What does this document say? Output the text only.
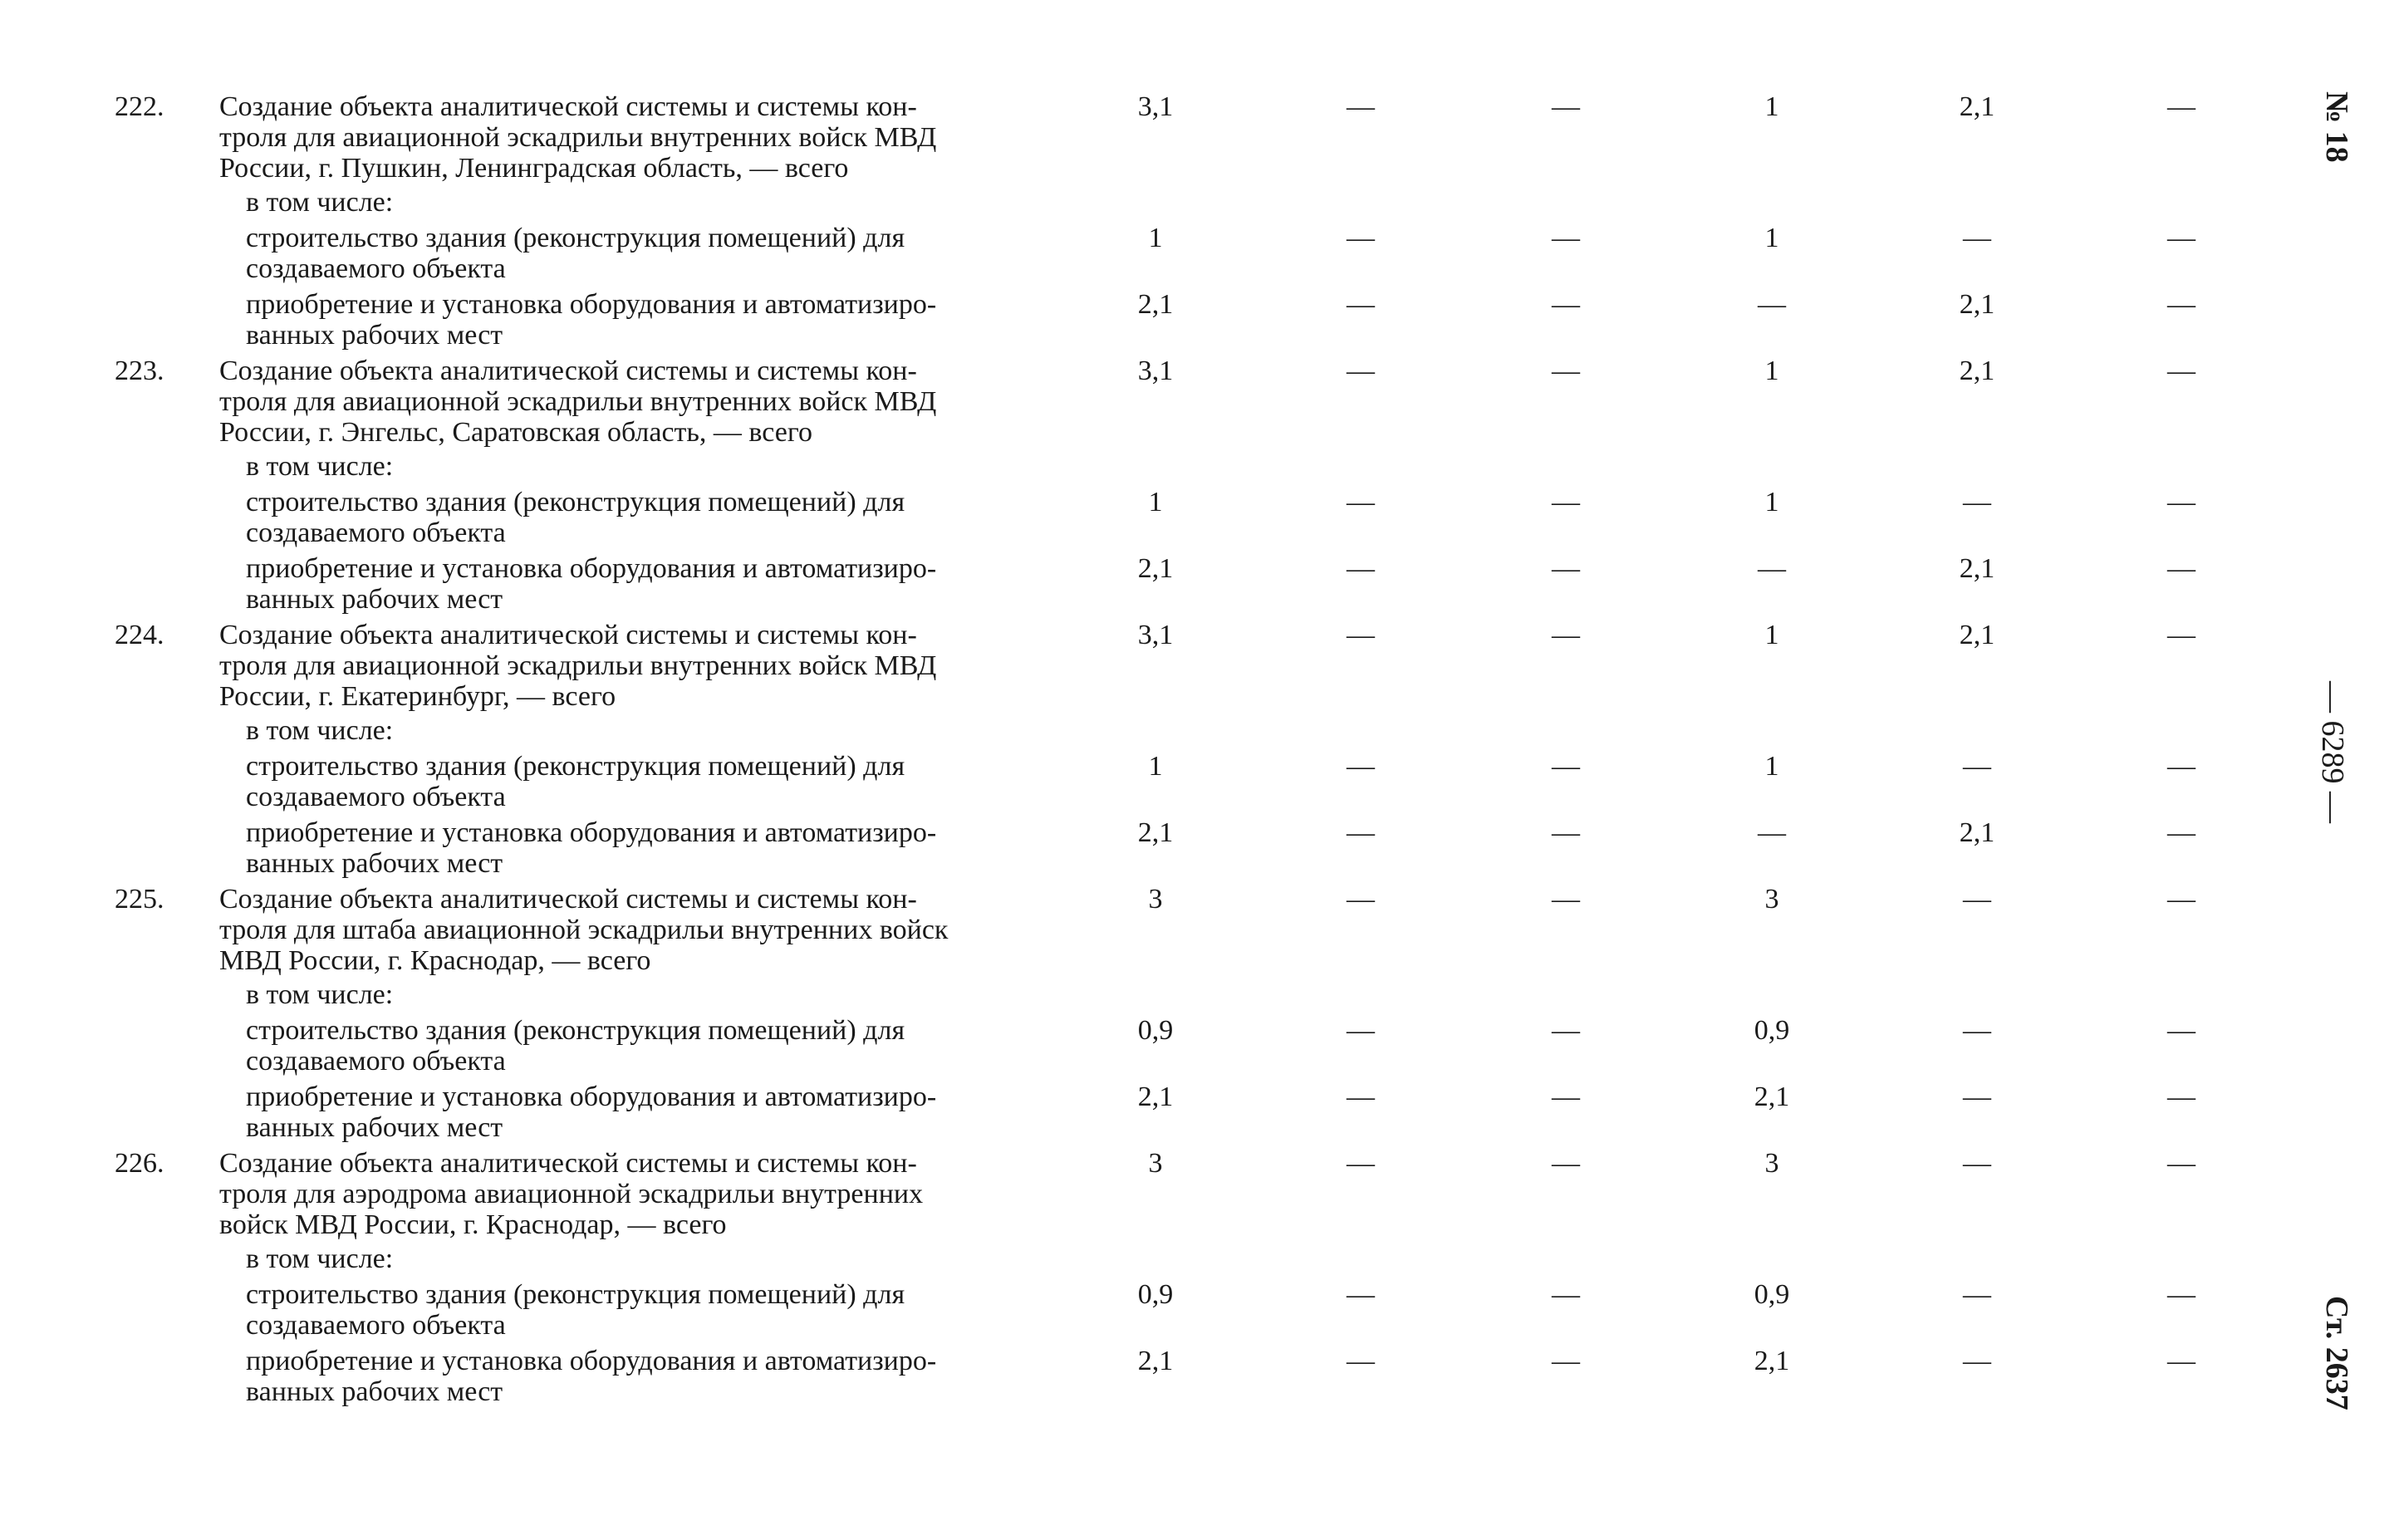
222.	Создание объекта аналитической системы и системы кон-
троля для авиационной эскадрильи внутренних войск МВД
России, г. Пушкин, Ленинградская область, — всего
3,1	—	—	1	2,1	—
в том числе:
строительство здания (реконструкция помещений) для
создаваемого объекта
1	—	—	1	—	—
приобретение и установка оборудования и автоматизиро-
ванных рабочих мест
2,1	—	—	—	2,1	—
223.	Создание объекта аналитической системы и системы кон-
троля для авиационной эскадрильи внутренних войск МВД
России, г. Энгельс, Саратовская область, — всего
3,1	—	—	1	2,1	—
в том числе:
строительство здания (реконструкция помещений) для
создаваемого объекта
1	—	—	1	—	—
приобретение и установка оборудования и автоматизиро-
ванных рабочих мест
2,1	—	—	—	2,1	—
224.	Создание объекта аналитической системы и системы кон-
троля для авиационной эскадрильи внутренних войск МВД
России, г. Екатеринбург, — всего
3,1	—	—	1	2,1	—
в том числе:
строительство здания (реконструкция помещений) для
создаваемого объекта
1	—	—	1	—	—
приобретение и установка оборудования и автоматизиро-
ванных рабочих мест
2,1	—	—	—	2,1	—
225.	Создание объекта аналитической системы и системы кон-
троля для штаба авиационной эскадрильи внутренних войск
МВД России, г. Краснодар, — всего
3	—	—	3	—	—
в том числе:
строительство здания (реконструкция помещений) для
создаваемого объекта
0,9	—	—	0,9	—	—
приобретение и установка оборудования и автоматизиро-
ванных рабочих мест
2,1	—	—	2,1	—	—
226.	Создание объекта аналитической системы и системы кон-
троля для аэродрома авиационной эскадрильи внутренних
войск МВД России, г. Краснодар, — всего
3	—	—	3	—	—
в том числе:
строительство здания (реконструкция помещений) для
создаваемого объекта
0,9	—	—	0,9	—	—
приобретение и установка оборудования и автоматизиро-
ванных рабочих мест
2,1	—	—	2,1	—	—
№ 18
— 6289 —
Ст. 2637
